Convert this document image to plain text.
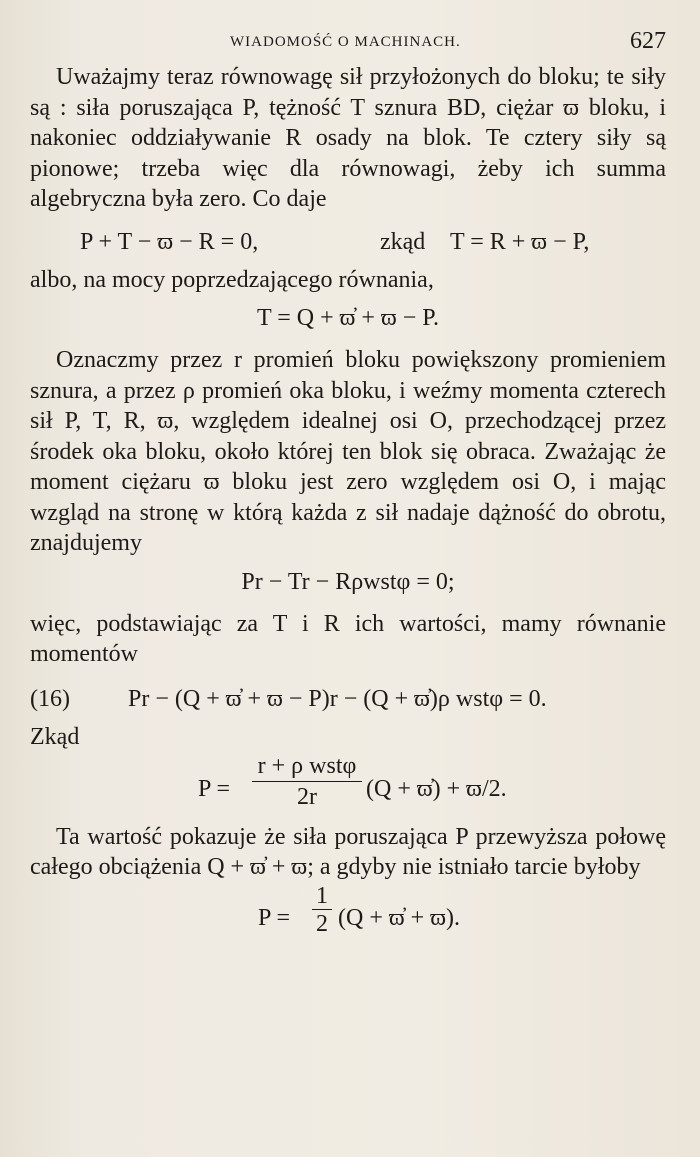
WIADOMOŚĆ O MACHINACH.	627

Uważajmy teraz równowagę sił przyłożonych do bloku; te siły są : siła poruszająca P, tężność T sznura BD, ciężar ϖ bloku, i nakoniec oddziaływanie R osady na blok. Te cztery siły są pionowe; trzeba więc dla równowagi, żeby ich summa algebryczna była zero. Co daje

P + T − ϖ − R = 0,	zkąd T = R + ϖ − P,

albo, na mocy poprzedzającego równania,

T = Q + ϖ̓ + ϖ − P.

Oznaczmy przez r promień bloku powiększony promieniem sznura, a przez ρ promień oka bloku, i weźmy momenta czterech sił P, T, R, ϖ, względem idealnej osi O, przechodzącej przez środek oka bloku, około której ten blok się obraca. Zważając że moment ciężaru ϖ bloku jest zero względem osi O, i mając wzgląd na stronę w którą każda z sił nadaje dążność do obrotu, znajdujemy

Pr − Tr − Rρwstφ = 0;

więc, podstawiając za T i R ich wartości, mamy równanie momentów

(16) Pr − (Q + ϖ̓ + ϖ − P)r − (Q + ϖ̓)ρ wstφ = 0.
Zkąd
P =
r + ρ wstφ
2r	(Q + ϖ̓) + ϖ/2.

Ta wartość pokazuje że siła poruszająca P przewyższa połowę całego obciążenia Q + ϖ̓ + ϖ; a gdyby nie istniało tarcie byłoby

$P = \frac{1}{2} (Q$ + ϖ̓ + ϖ).
